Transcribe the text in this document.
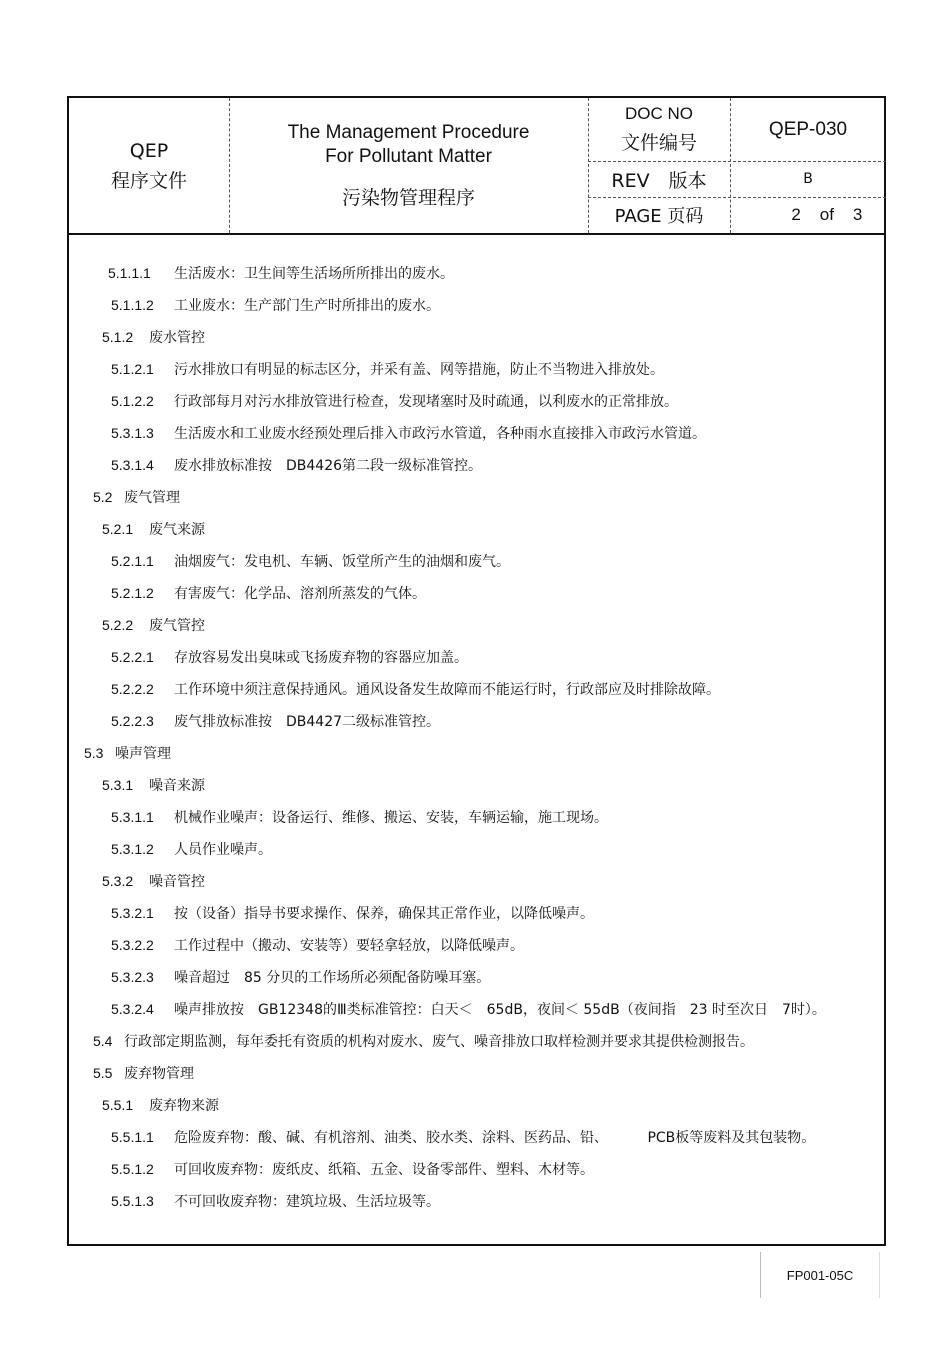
QEP
程序文件
The Management Procedure
For Pollutant Matter
污染物管理程序
DOC NO
文件编号
QEP-030
REV　版本	B
PAGE 页码	2 of 3

5.1.1.1 生活废水：卫生间等生活场所所排出的废水。
5.1.1.2 工业废水：生产部门生产时所排出的废水。
5.1.2 废水管控
5.1.2.1 污水排放口有明显的标志区分，并采有盖、网等措施，防止不当物进入排放处。
5.1.2.2 行政部每月对污水排放管进行检查，发现堵塞时及时疏通，以利废水的正常排放。
5.3.1.3 生活废水和工业废水经预处理后排入市政污水管道，各种雨水直接排入市政污水管道。
5.3.1.4 废水排放标准按　DB4426第二段一级标准管控。
5.2 废气管理
5.2.1 废气来源
5.2.1.1 油烟废气：发电机、车辆、饭堂所产生的油烟和废气。
5.2.1.2 有害废气：化学品、溶剂所蒸发的气体。
5.2.2 废气管控
5.2.2.1 存放容易发出臭味或飞扬废弃物的容器应加盖。
5.2.2.2 工作环境中须注意保持通风。通风设备发生故障而不能运行时，行政部应及时排除故障。
5.2.2.3 废气排放标准按　DB4427二级标准管控。
5.3 噪声管理
5.3.1 噪音来源
5.3.1.1 机械作业噪声：设备运行、维修、搬运、安装，车辆运输，施工现场。
5.3.1.2 人员作业噪声。
5.3.2 噪音管控
5.3.2.1 按（设备）指导书要求操作、保养，确保其正常作业，以降低噪声。
5.3.2.2 工作过程中（搬动、安装等）要轻拿轻放，以降低噪声。
5.3.2.3 噪音超过　85 分贝的工作场所必须配备防噪耳塞。
5.3.2.4 噪声排放按　GB12348的Ⅲ类标准管控：白天＜　65dB，夜间＜ 55dB（夜间指　23 时至次日　7时）。
5.4 行政部定期监测，每年委托有资质的机构对废水、废气、噪音排放口取样检测并要求其提供检测报告。
5.5 废弃物管理
5.5.1 废弃物来源
5.5.1.1 危险废弃物：酸、碱、有机溶剂、油类、胶水类、涂料、医药品、铅、　　　 PCB板等废料及其包装物。
5.5.1.2 可回收废弃物：废纸皮、纸箱、五金、设备零部件、塑料、木材等。
5.5.1.3 不可回收废弃物：建筑垃圾、生活垃圾等。
FP001-05C
